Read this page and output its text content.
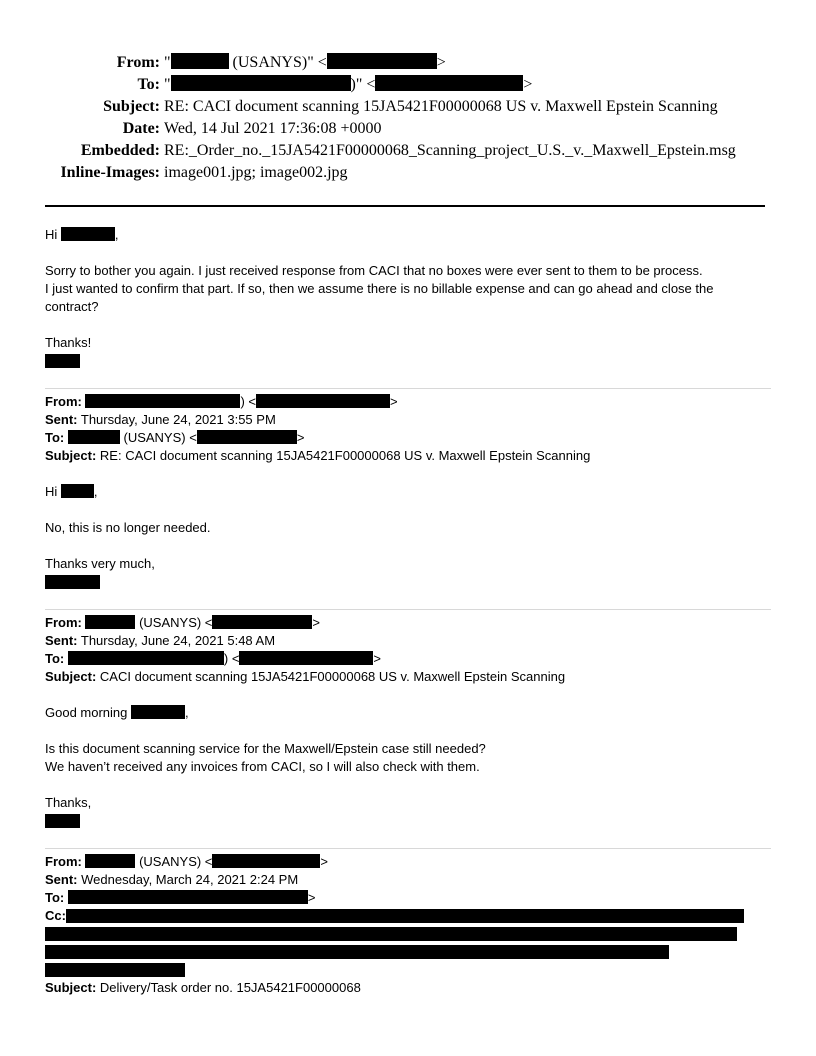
From: "	(USANYS)" <	>
To: "	)" <	>
Subject: RE: CACI document scanning 15JA5421F00000068 US v. Maxwell Epstein Scanning
Date: Wed, 14 Jul 2021 17:36:08 +0000
Embedded: RE:_Order_no._15JA5421F00000068_Scanning_project_U.S._v._Maxwell_Epstein.msg
Inline-Images: image001.jpg; image002.jpg
Hi	,
Sorry to bother you again. I just received response from CACI that no boxes were ever sent to them to be process.
I just wanted to confirm that part. If so, then we assume there is no billable expense and can go ahead and close the
contract?
Thanks!
From:	) <	>
Sent: Thursday, June 24, 2021 3:55 PM
To:	(USANYS) <	>
Subject: RE: CACI document scanning 15JA5421F00000068 US v. Maxwell Epstein Scanning
Hi	,
No, this is no longer needed.
Thanks very much,
From:	(USANYS) <	>
Sent: Thursday, June 24, 2021 5:48 AM
To:	) <	>
Subject: CACI document scanning 15JA5421F00000068 US v. Maxwell Epstein Scanning
Good morning	,
Is this document scanning service for the Maxwell/Epstein case still needed?
We haven’t received any invoices from CACI, so I will also check with them.
Thanks,
From:	(USANYS) <	>
Sent: Wednesday, March 24, 2021 2:24 PM
To:	>
Cc:
Subject: Delivery/Task order no. 15JA5421F00000068
